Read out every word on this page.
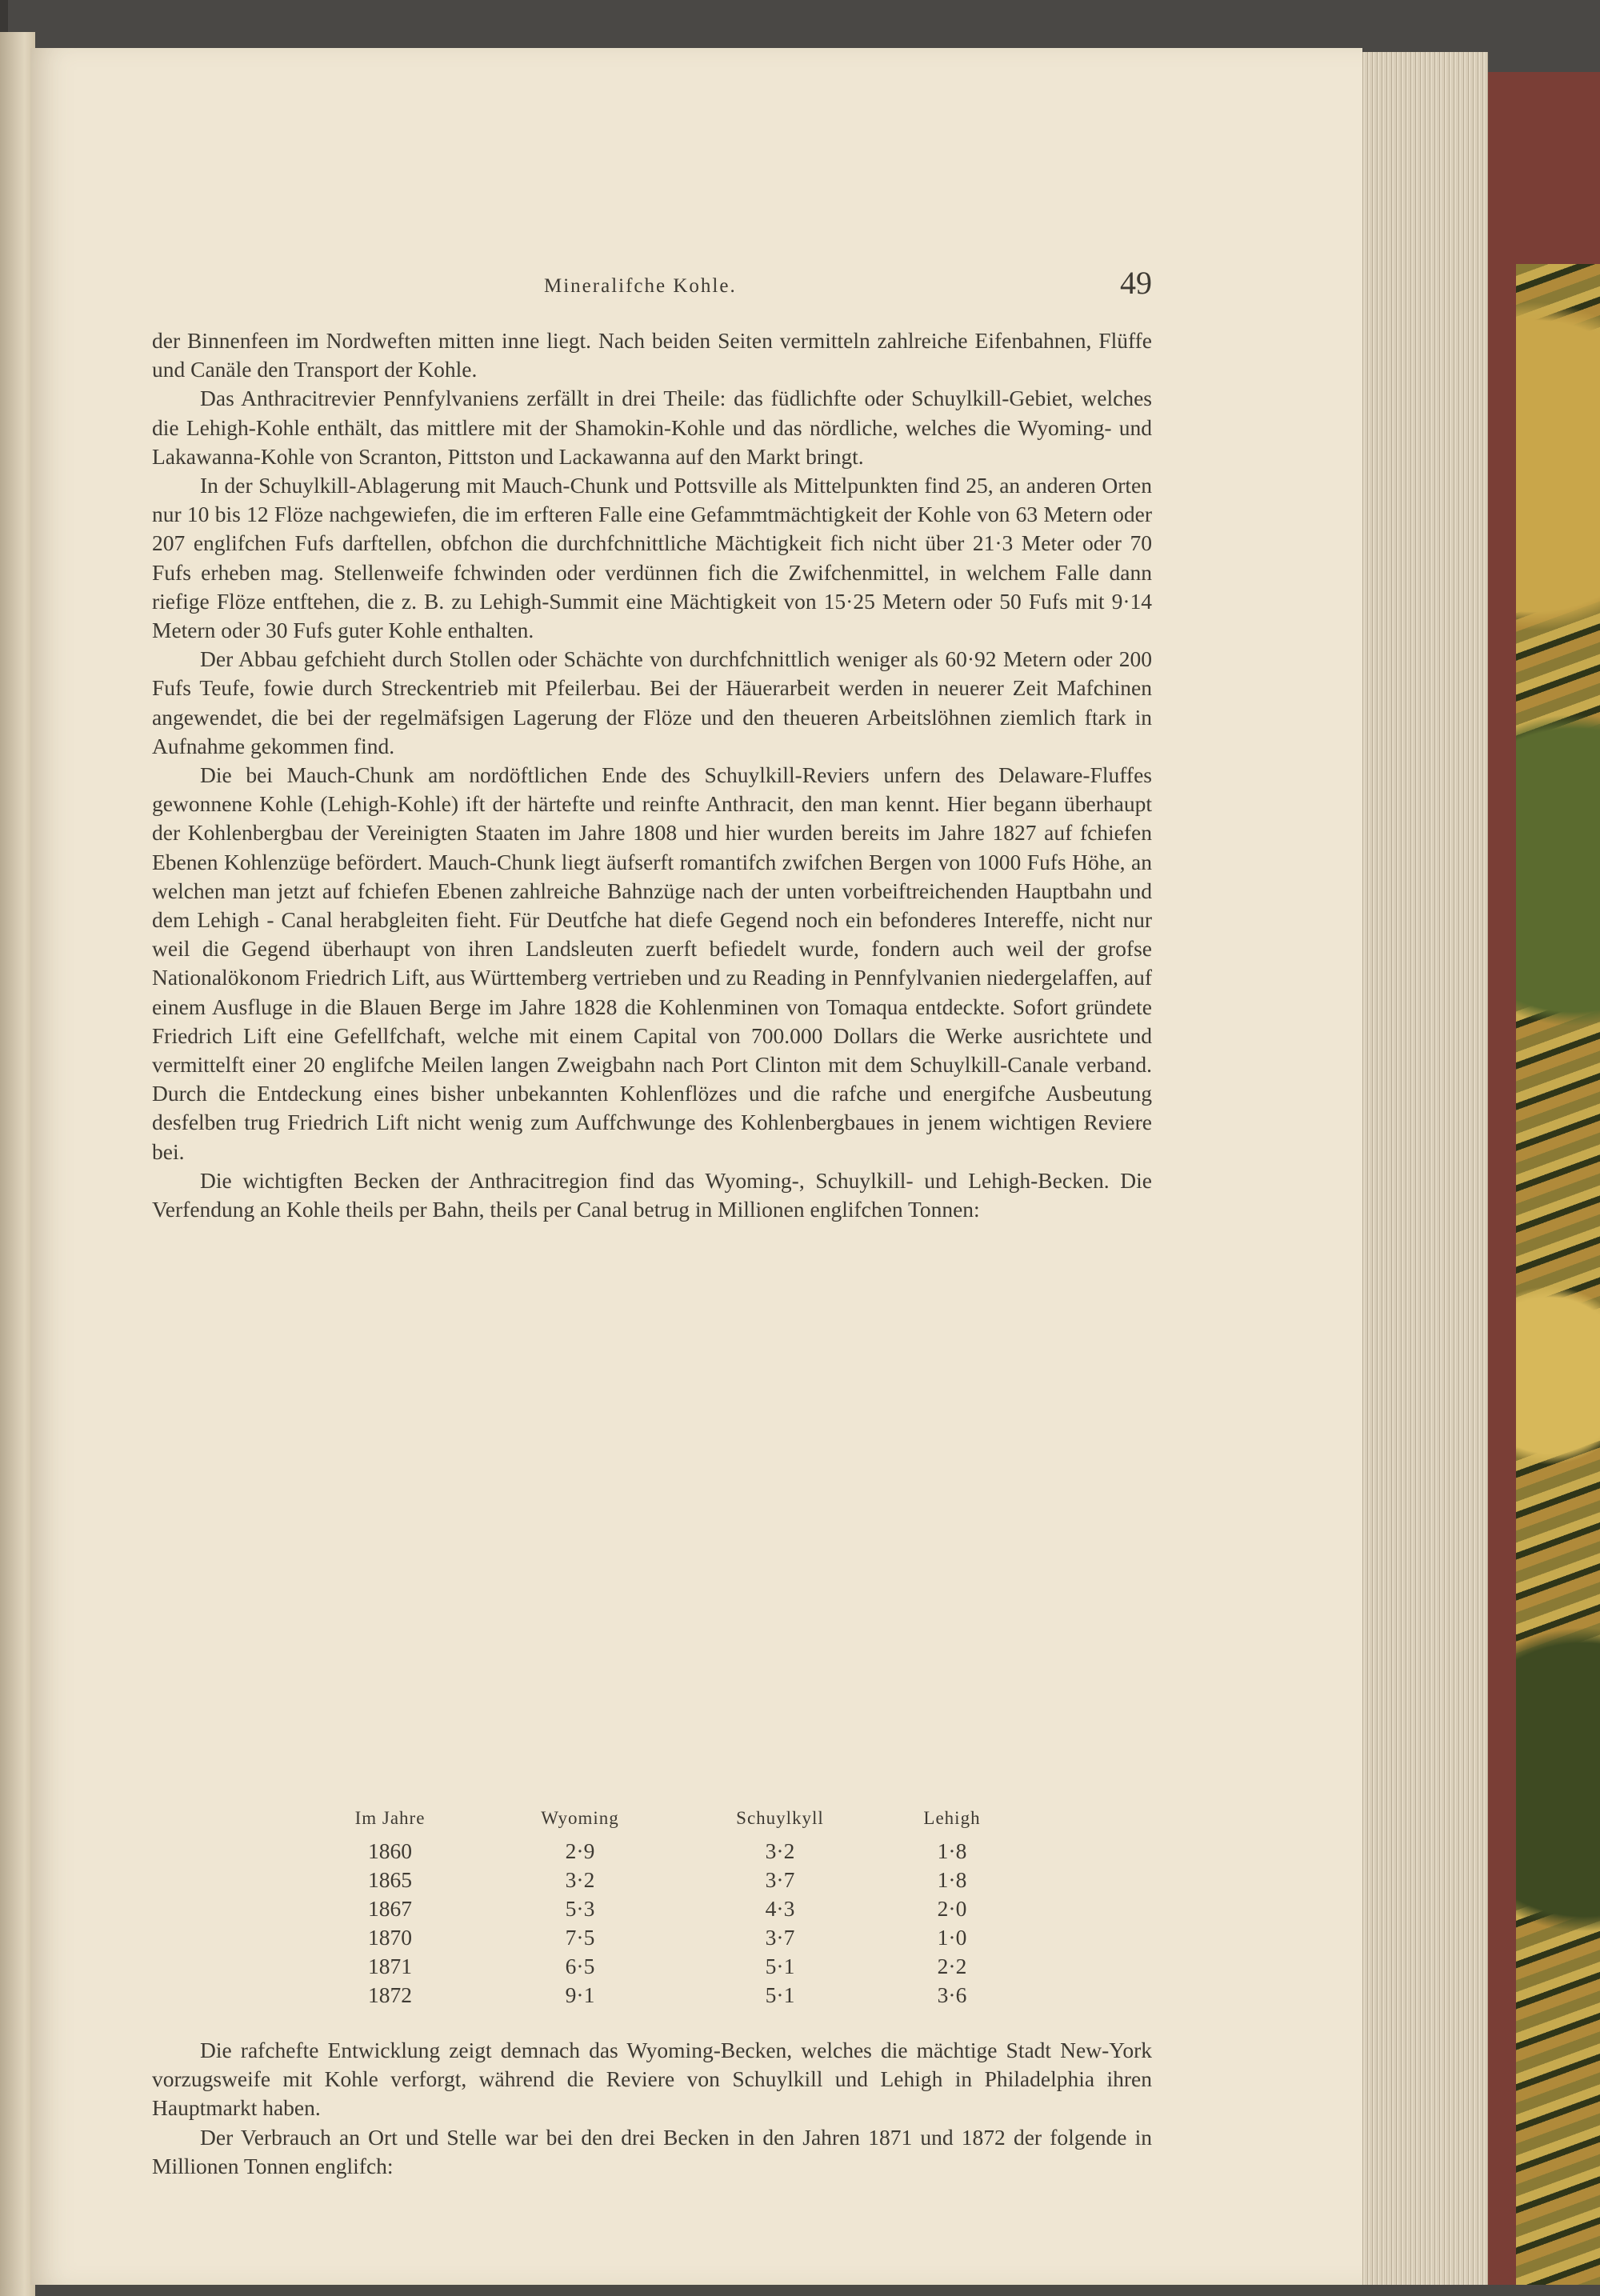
Mineralifche Kohle.	49

der Binnenfeen im Nordweften mitten inne liegt. Nach beiden Seiten vermitteln zahlreiche Eifenbahnen, Flüffe und Canäle den Transport der Kohle.

Das Anthracitrevier Pennfylvaniens zerfällt in drei Theile: das füdlichfte oder Schuylkill-Gebiet, welches die Lehigh-Kohle enthält, das mittlere mit der Shamokin-Kohle und das nördliche, welches die Wyoming- und Lakawanna-Kohle von Scranton, Pittston und Lackawanna auf den Markt bringt.

In der Schuylkill-Ablagerung mit Mauch-Chunk und Pottsville als Mittelpunkten find 25, an anderen Orten nur 10 bis 12 Flöze nachgewiefen, die im erfteren Falle eine Gefammtmächtigkeit der Kohle von 63 Metern oder 207 englifchen Fufs darftellen, obfchon die durchfchnittliche Mächtigkeit fich nicht über 21·3 Meter oder 70 Fufs erheben mag. Stellenweife fchwinden oder verdünnen fich die Zwifchenmittel, in welchem Falle dann riefige Flöze entftehen, die z. B. zu Lehigh-Summit eine Mächtigkeit von 15·25 Metern oder 50 Fufs mit 9·14 Metern oder 30 Fufs guter Kohle enthalten.

Der Abbau gefchieht durch Stollen oder Schächte von durchfchnittlich weniger als 60·92 Metern oder 200 Fufs Teufe, fowie durch Streckentrieb mit Pfeilerbau. Bei der Häuerarbeit werden in neuerer Zeit Mafchinen angewendet, die bei der regelmäfsigen Lagerung der Flöze und den theueren Arbeitslöhnen ziemlich ftark in Aufnahme gekommen find.

Die bei Mauch-Chunk am nordöftlichen Ende des Schuylkill-Reviers unfern des Delaware-Fluffes gewonnene Kohle (Lehigh-Kohle) ift der härtefte und reinfte Anthracit, den man kennt. Hier begann überhaupt der Kohlenbergbau der Vereinigten Staaten im Jahre 1808 und hier wurden bereits im Jahre 1827 auf fchiefen Ebenen Kohlenzüge befördert. Mauch-Chunk liegt äufserft romantifch zwifchen Bergen von 1000 Fufs Höhe, an welchen man jetzt auf fchiefen Ebenen zahlreiche Bahnzüge nach der unten vorbeiftreichenden Hauptbahn und dem Lehigh - Canal herabgleiten fieht. Für Deutfche hat diefe Gegend noch ein befonderes Intereffe, nicht nur weil die Gegend überhaupt von ihren Landsleuten zuerft befiedelt wurde, fondern auch weil der grofse Nationalökonom Friedrich Lift, aus Württemberg vertrieben und zu Reading in Pennfylvanien niedergelaffen, auf einem Ausfluge in die Blauen Berge im Jahre 1828 die Kohlenminen von Tomaqua entdeckte. Sofort gründete Friedrich Lift eine Gefellfchaft, welche mit einem Capital von 700.000 Dollars die Werke ausrichtete und vermittelft einer 20 englifche Meilen langen Zweigbahn nach Port Clinton mit dem Schuylkill-Canale verband. Durch die Entdeckung eines bisher unbekannten Kohlenflözes und die rafche und energifche Ausbeutung desfelben trug Friedrich Lift nicht wenig zum Auffchwunge des Kohlenbergbaues in jenem wichtigen Reviere bei.

Die wichtigften Becken der Anthracitregion find das Wyoming-, Schuylkill- und Lehigh-Becken. Die Verfendung an Kohle theils per Bahn, theils per Canal betrug in Millionen englifchen Tonnen:

Im Jahre	Wyoming	Schuylkyll	Lehigh
1860	2·9	3·2	1·8
1865	3·2	3·7	1·8
1867	5·3	4·3	2·0
1870	7·5	3·7	1·0
1871	6·5	5·1	2·2
1872	9·1	5·1	3·6

Die rafchefte Entwicklung zeigt demnach das Wyoming-Becken, welches die mächtige Stadt New-York vorzugsweife mit Kohle verforgt, während die Reviere von Schuylkill und Lehigh in Philadelphia ihren Hauptmarkt haben.

Der Verbrauch an Ort und Stelle war bei den drei Becken in den Jahren 1871 und 1872 der folgende in Millionen Tonnen englifch:
